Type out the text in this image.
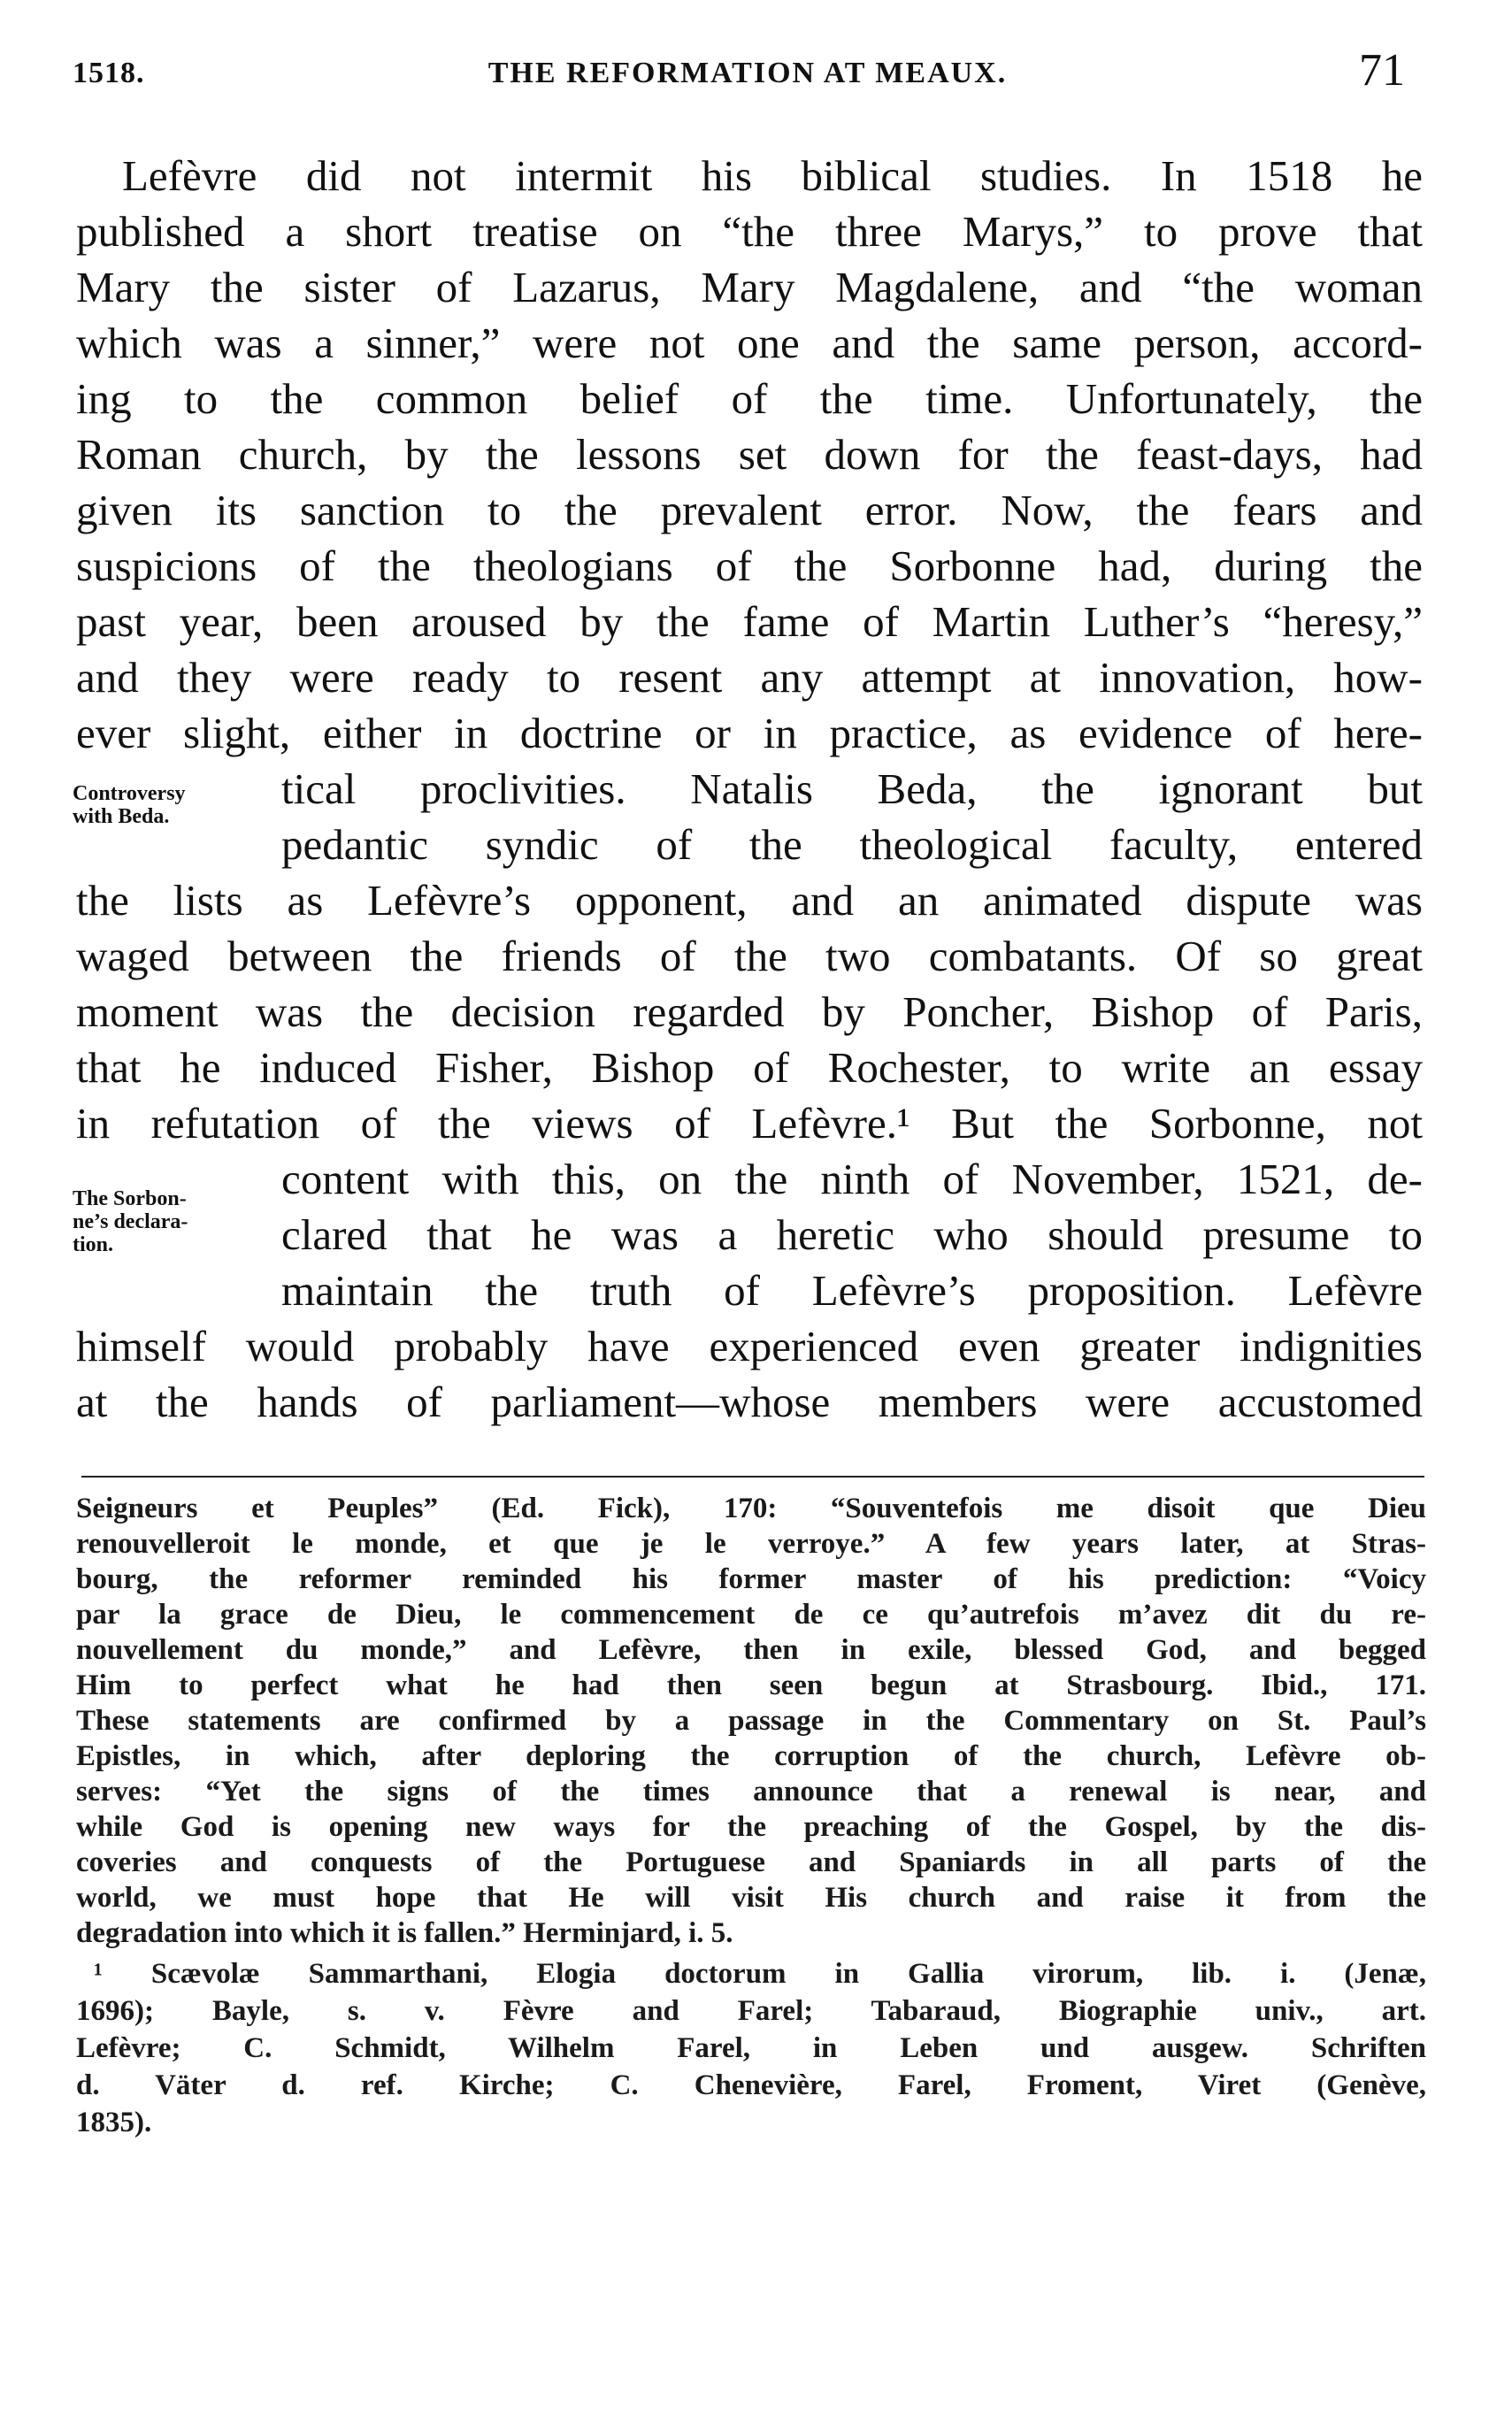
1518.	THE REFORMATION AT MEAUX.	71
Lefèvre did not intermit his biblical studies. In 1518 he
published a short treatise on “the three Marys,” to prove that
Mary the sister of Lazarus, Mary Magdalene, and “the woman
which was a sinner,” were not one and the same person, accord-
ing to the common belief of the time. Unfortunately, the
Roman church, by the lessons set down for the feast-days, had
given its sanction to the prevalent error. Now, the fears and
suspicions of the theologians of the Sorbonne had, during the
past year, been aroused by the fame of Martin Luther’s “heresy,”
and they were ready to resent any attempt at innovation, how-
ever slight, either in doctrine or in practice, as evidence of here-
tical proclivities. Natalis Beda, the ignorant but
pedantic syndic of the theological faculty, entered
the lists as Lefèvre’s opponent, and an animated dispute was
waged between the friends of the two combatants. Of so great
moment was the decision regarded by Poncher, Bishop of Paris,
that he induced Fisher, Bishop of Rochester, to write an essay
in refutation of the views of Lefèvre.¹ But the Sorbonne, not
content with this, on the ninth of November, 1521, de-
clared that he was a heretic who should presume to
maintain the truth of Lefèvre’s proposition. Lefèvre
himself would probably have experienced even greater indignities
at the hands of parliament—whose members were accustomed
Controversy
with Beda.
The Sorbon-
ne’s declara-
tion.
Seigneurs et Peuples” (Ed. Fick), 170: “Souventefois me disoit que Dieu
renouvelleroit le monde, et que je le verroye.” A few years later, at Stras-
bourg, the reformer reminded his former master of his prediction: “Voicy
par la grace de Dieu, le commencement de ce qu’autrefois m’avez dit du re-
nouvellement du monde,” and Lefèvre, then in exile, blessed God, and begged
Him to perfect what he had then seen begun at Strasbourg. Ibid., 171.
These statements are confirmed by a passage in the Commentary on St. Paul’s
Epistles, in which, after deploring the corruption of the church, Lefèvre ob-
serves: “Yet the signs of the times announce that a renewal is near, and
while God is opening new ways for the preaching of the Gospel, by the dis-
coveries and conquests of the Portuguese and Spaniards in all parts of the
world, we must hope that He will visit His church and raise it from the
degradation into which it is fallen.” Herminjard, i. 5.
¹ Scævolæ Sammarthani, Elogia doctorum in Gallia virorum, lib. i. (Jenæ,
1696); Bayle, s. v. Fèvre and Farel; Tabaraud, Biographie univ., art.
Lefèvre; C. Schmidt, Wilhelm Farel, in Leben und ausgew. Schriften
d. Väter d. ref. Kirche; C. Chenevière, Farel, Froment, Viret (Genève,
1835).
